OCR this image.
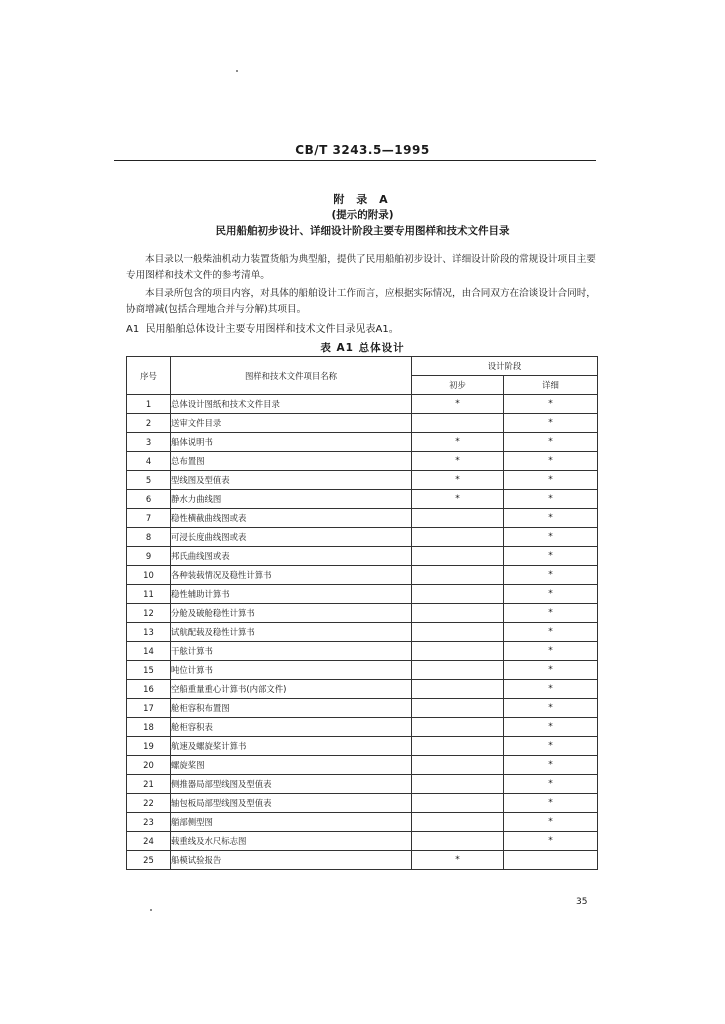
CB/T 3243.5—1995
附 录 A
(提示的附录)
民用船舶初步设计、详细设计阶段主要专用图样和技术文件目录

本目录以一般柴油机动力装置货船为典型船，提供了民用船舶初步设计、详细设计阶段的常规设计项目主要专用图样和技术文件的参考清单。

本目录所包含的项目内容，对具体的船舶设计工作而言，应根据实际情况，由合同双方在洽谈设计合同时，协商增减(包括合理地合并与分解)其项目。

A1 民用船舶总体设计主要专用图样和技术文件目录见表A1。
表 A1 总体设计
序号	图样和技术文件项目名称	设计阶段	
		初步	详细
1	总体设计图纸和技术文件目录	*	*
2	送审文件目录		*
3	船体说明书	*	*
4	总布置图	*	*
5	型线图及型值表	*	*
6	静水力曲线图	*	*
7	稳性横截曲线图或表		*
8	可浸长度曲线图或表		*
9	邦氏曲线图或表		*
10	各种装载情况及稳性计算书		*
11	稳性辅助计算书		*
12	分舱及破舱稳性计算书		*
13	试航配载及稳性计算书		*
14	干舷计算书		*
15	吨位计算书		*
16	空船重量重心计算书(内部文件)		*
17	舱柜容积布置图		*
18	舱柜容积表		*
19	航速及螺旋桨计算书		*
20	螺旋桨图		*
21	侧推器局部型线图及型值表		*
22	轴包板局部型线图及型值表		*
23	艏部侧型图		*
24	载重线及水尺标志图		*
25	船模试验报告	*	
35
